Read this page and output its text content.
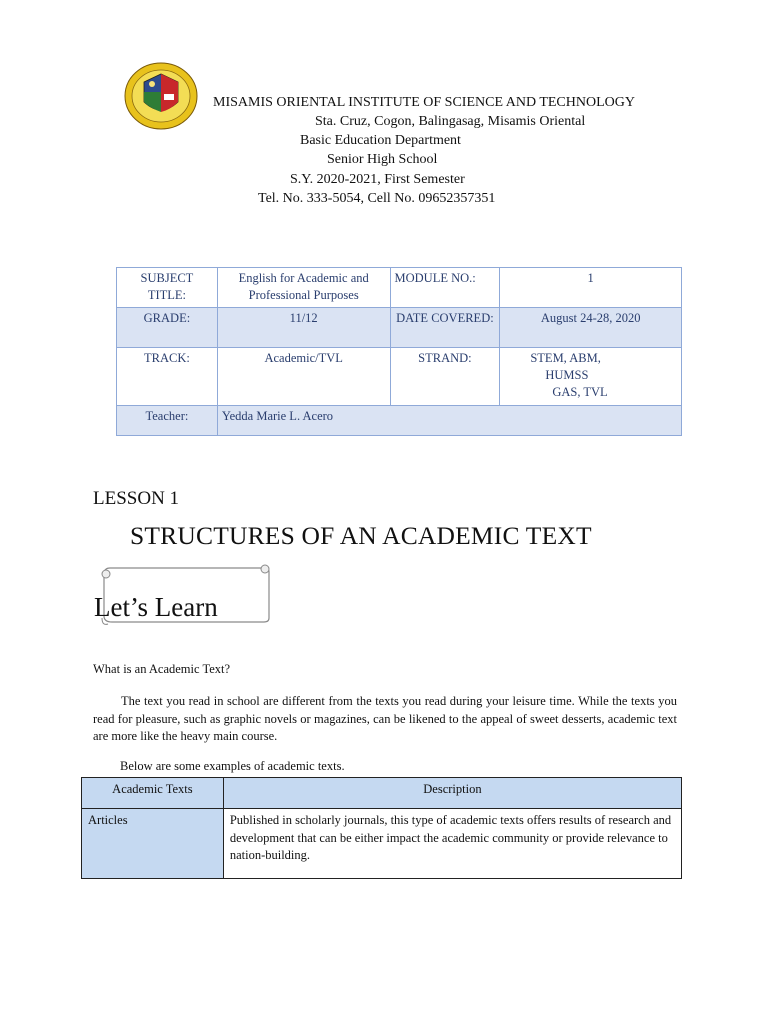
MISAMIS ORIENTAL INSTITUTE OF SCIENCE AND TECHNOLOGY
Sta. Cruz, Cogon, Balingasag, Misamis Oriental
Basic Education Department
Senior High School
S.Y. 2020-2021, First Semester
Tel. No. 333-5054, Cell No. 09652357351
SUBJECT TITLE:	English for Academic and Professional Purposes	MODULE NO.:	1
GRADE:	11/12	DATE COVERED:	August 24-28, 2020
TRACK:	Academic/TVL	STRAND:	STEM, ABM,
HUMSS
GAS, TVL

Teacher:	Yedda Marie L. Acero		
LESSON 1
STRUCTURES OF AN ACADEMIC TEXT
Let’s Learn
What is an Academic Text?
The text you read in school are different from the texts you read during your leisure time. While the texts you read for pleasure, such as graphic novels or magazines, can be likened to the appeal of sweet desserts, academic text are more like the heavy main course.
Below are some examples of academic texts.
Academic Texts	Description
Articles	Published in scholarly journals, this type of academic texts offers results of research and development that can be either impact the academic community or provide relevance to nation-building.
